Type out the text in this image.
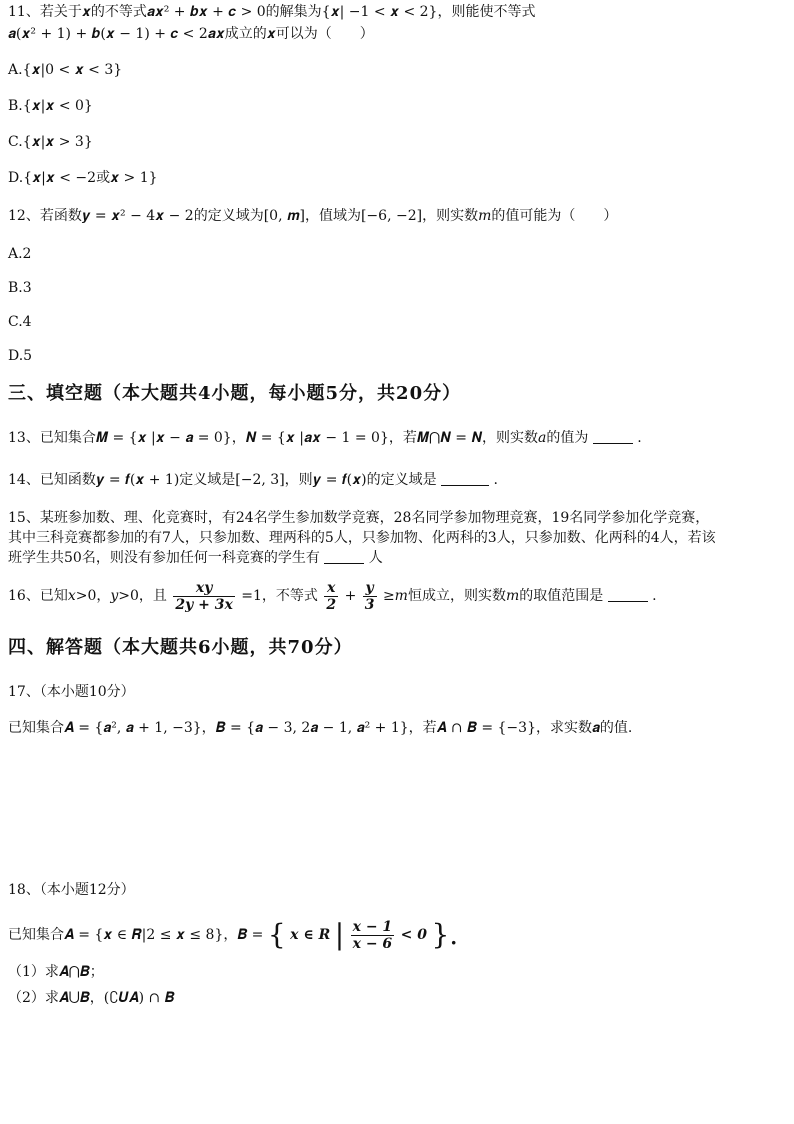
11、若关于𝒙的不等式𝒂𝒙² + 𝒃𝒙 + 𝒄 > 0的解集为{𝒙| −1 < 𝒙 < 2}，则能使不等式
𝒂(𝒙² + 1) + 𝒃(𝒙 − 1) + 𝒄 < 2𝒂𝒙成立的𝒙可以为（　　）
A.{𝒙|0 < 𝒙 < 3}
B.{𝒙|𝒙 < 0}
C.{𝒙|𝒙 > 3}
D.{𝒙|𝒙 < −2或𝒙 > 1}
12、若函数𝒚 = 𝒙² − 4𝒙 − 2的定义域为[0, 𝒎]，值域为[−6, −2]，则实数𝑚的值可能为（　　）
A.2
B.3
C.4
D.5
三、填空题（本大题共4小题，每小题5分，共20分）
13、已知集合𝑴 = {𝒙 |𝒙 − 𝒂 = 0}，𝑵 = {𝒙 |𝒂𝒙 − 1 = 0}，若𝑴⋂𝑵 = 𝑵，则实数𝑎的值为	.
14、已知函数𝒚 = 𝒇(𝒙 + 1)定义域是[−2, 3]，则𝒚 = 𝒇(𝒙)的定义域是	.
15、某班参加数、理、化竞赛时，有24名学生参加数学竞赛，28名同学参加物理竞赛，19名同学参加化学竞赛，
其中三科竞赛都参加的有7人，只参加数、理两科的5人，只参加物、化两科的3人，只参加数、化两科的4人，若该
班学生共50名，则没有参加任何一科竞赛的学生有	人
16、已知𝑥>0，𝑦>0，且 $\frac{\text{𝒙𝒚}}{\text{2𝒚 + 3𝒙}} =1$，不等式 $\frac{\text{𝒙}}{2} + \frac{\text{𝒚}}{3}$ ≥𝑚恒成立，则实数𝑚的取值范围是	.
四、解答题（本大题共6小题，共70分）
17、（本小题10分）
已知集合𝑨 = {𝒂², 𝒂 + 1, −3}，𝑩 = {𝒂 − 3, 2𝒂 − 1, 𝒂² + 1}，若𝑨 ∩ 𝑩 = {−3}，求实数𝒂的值.
18、（本小题12分）
已知集合𝑨 = {𝒙 ∈ 𝑹|2 ≤ 𝒙 ≤ 8}，𝑩 = { 𝒙 ∈ 𝑹 | $\frac{\text{𝒙 − 1}}{\text{𝒙 − 6}} < 0$ }.
（1）求𝑨⋂𝑩；
（2）求𝑨⋃𝑩，(∁𝑼𝑨) ∩ 𝑩
